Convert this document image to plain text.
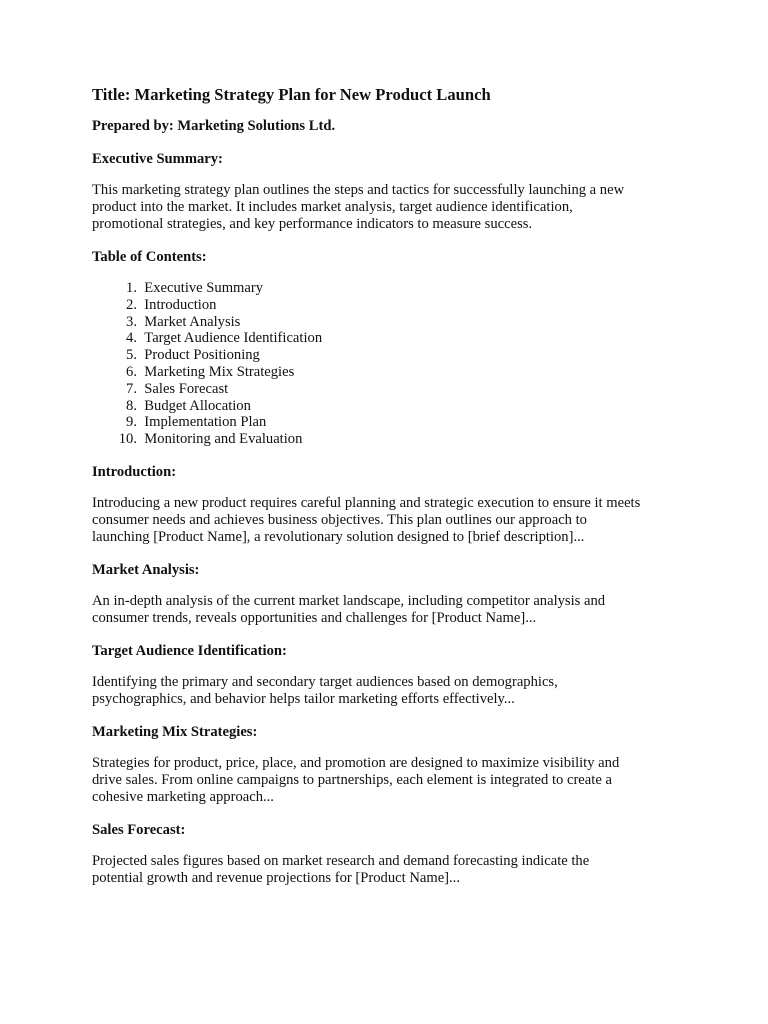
Title: Marketing Strategy Plan for New Product Launch
Prepared by: Marketing Solutions Ltd.
Executive Summary:
This marketing strategy plan outlines the steps and tactics for successfully launching a new
product into the market. It includes market analysis, target audience identification,
promotional strategies, and key performance indicators to measure success.
Table of Contents:
1.
Executive Summary
2.
Introduction
3.
Market Analysis
4.
Target Audience Identification
5.
Product Positioning
6.
Marketing Mix Strategies
7.
Sales Forecast
8.
Budget Allocation
9.
Implementation Plan
10.
Monitoring and Evaluation
Introduction:
Introducing a new product requires careful planning and strategic execution to ensure it meets
consumer needs and achieves business objectives. This plan outlines our approach to
launching [Product Name], a revolutionary solution designed to [brief description]...
Market Analysis:
An in-depth analysis of the current market landscape, including competitor analysis and
consumer trends, reveals opportunities and challenges for [Product Name]...
Target Audience Identification:
Identifying the primary and secondary target audiences based on demographics,
psychographics, and behavior helps tailor marketing efforts effectively...
Marketing Mix Strategies:
Strategies for product, price, place, and promotion are designed to maximize visibility and
drive sales. From online campaigns to partnerships, each element is integrated to create a
cohesive marketing approach...
Sales Forecast:
Projected sales figures based on market research and demand forecasting indicate the
potential growth and revenue projections for [Product Name]...
